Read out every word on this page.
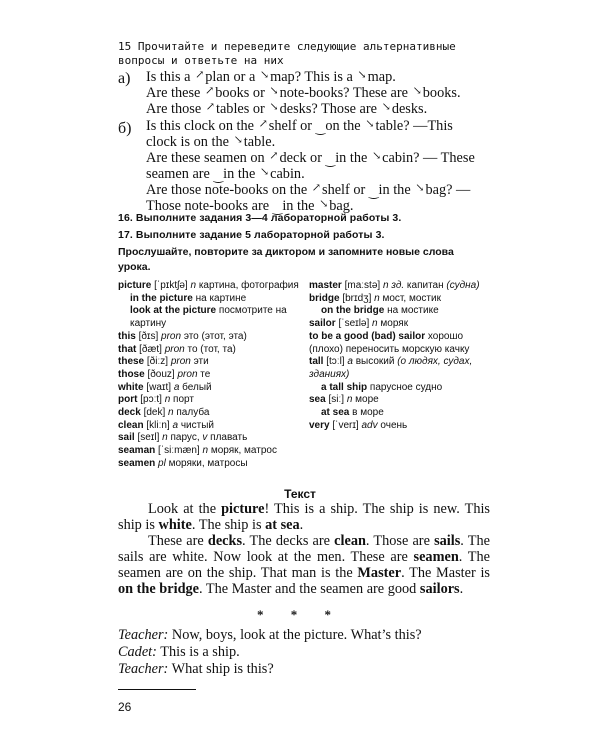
15 Прочитайте и переведите следующие альтернативные вопросы и ответьте на них
а) Is this a ↗plan or a ↘map? This is a ↘map.
Are these ↗books or ↘note-books? These are ↘books.
Are those ↗tables or ↘desks? Those are ↘desks.
б) Is this clock on the ↗shelf or ‿on the ↘table? —This
clock is on the ↘table.
Are these seamen on ↗deck or ‿in the ↘cabin? — These
seamen are ‿in the ↘cabin.
Are those note-books on the ↗shelf or ‿in the ↘bag? —
Those note-books are ‿in the ↘bag.
16. Выполните задания 3—4 лабораторной работы 3.
17. Выполните задание 5 лабораторной работы 3.
Прослушайте, повторите за диктором и запомните новые слова урока.
picture [ˈpɪktʃə] n картина, фотография
in the picture на картине
look at the picture посмотрите на картину
this [ðɪs] pron это (этот, эта)
that [ðæt] pron то (тот, та)
these [ðiːz] pron эти
those [ðouz] pron те
white [waɪt] a белый
port [pɔːt] n порт
deck [dek] n палуба
clean [kliːn] a чистый
sail [seɪl] n парус, v плавать
seaman [ˈsiːmæn] n моряк, матрос
seamen pl моряки, матросы
master [maːstə] n зд. капитан (судна)
bridge [brɪdʒ] n мост, мостик
on the bridge на мостике
sailor [ˈseɪlə] n моряк
to be a good (bad) sailor хорошо (плохо) переносить морскую качку
tall [tɔːl] a высокий (о людях, судах, зданиях)
a tall ship парусное судно
sea [siː] n море
at sea в море
very [ˈverɪ] adv очень
Текст

Look at the picture! This is a ship. The ship is new. This ship is white. The ship is at sea.

These are decks. The decks are clean. Those are sails. The sails are white. Now look at the men. These are seamen. The seamen are on the ship. That man is the Master. The Master is on the bridge. The Master and the seamen are good sailors.

* * *
Teacher: Now, boys, look at the picture. What’s this?
Cadet: This is a ship.
Teacher: What ship is this?
26
